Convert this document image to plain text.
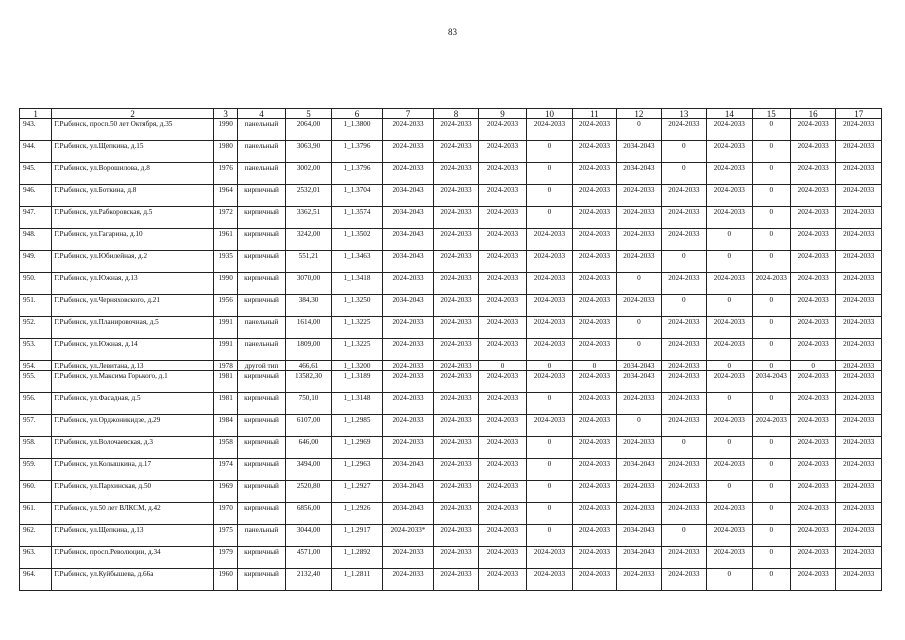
83
1	2	3	4	5	6	7	8	9	10	11	12	13	14	15	16	17
943.	Г.Рыбинск, просп.50 лет Октября, д.35	1990	панельный	2064,00	1_1.3800	2024-2033	2024-2033	2024-2033	2024-2033	2024-2033	0	2024-2033	2024-2033	0	2024-2033	2024-2033
944.	Г.Рыбинск, ул.Щепкина, д.15	1980	панельный	3063,90	1_1.3796	2024-2033	2024-2033	2024-2033	0	2024-2033	2034-2043	0	2024-2033	0	2024-2033	2024-2033
945.	Г.Рыбинск, ул.Ворошилова, д.8	1976	панельный	3002,00	1_1.3796	2024-2033	2024-2033	2024-2033	0	2024-2033	2034-2043	0	2024-2033	0	2024-2033	2024-2033
946.	Г.Рыбинск, ул.Боткина, д.8	1964	кирпичный	2532,01	1_1.3704	2034-2043	2024-2033	2024-2033	0	2024-2033	2024-2033	2024-2033	2024-2033	0	2024-2033	2024-2033
947.	Г.Рыбинск, ул.Рабкоровская, д.5	1972	кирпичный	3362,51	1_1.3574	2034-2043	2024-2033	2024-2033	0	2024-2033	2024-2033	2024-2033	2024-2033	0	2024-2033	2024-2033
948.	Г.Рыбинск, ул.Гагарина, д.10	1961	кирпичный	3242,00	1_1.3502	2034-2043	2024-2033	2024-2033	2024-2033	2024-2033	2024-2033	2024-2033	0	0	2024-2033	2024-2033
949.	Г.Рыбинск, ул.Юбилейная, д.2	1935	кирпичный	551,21	1_1.3463	2034-2043	2024-2033	2024-2033	2024-2033	2024-2033	2024-2033	0	0	0	2024-2033	2024-2033
950.	Г.Рыбинск, ул.Южная, д.13	1990	кирпичный	3070,00	1_1.3418	2024-2033	2024-2033	2024-2033	2024-2033	2024-2033	0	2024-2033	2024-2033	2024-2033	2024-2033	2024-2033
951.	Г.Рыбинск, ул.Черняховского, д.21	1956	кирпичный	384,30	1_1.3250	2034-2043	2024-2033	2024-2033	2024-2033	2024-2033	2024-2033	0	0	0	2024-2033	2024-2033
952.	Г.Рыбинск, ул.Планировочная, д.5	1991	панельный	1614,00	1_1.3225	2024-2033	2024-2033	2024-2033	2024-2033	2024-2033	0	2024-2033	2024-2033	0	2024-2033	2024-2033
953.	Г.Рыбинск, ул.Южная, д.14	1991	панельный	1809,00	1_1.3225	2024-2033	2024-2033	2024-2033	2024-2033	2024-2033	0	2024-2033	2024-2033	0	2024-2033	2024-2033
954.	Г.Рыбинск, ул.Левитана, д.13	1978	другой тип	466,61	1_1.3200	2024-2033	2024-2033	0	0	0	2034-2043	2024-2033	0	0	0	2024-2033
955.	Г.Рыбинск, ул.Максима Горького, д.1	1981	кирпичный	13582,30	1_1.3189	2024-2033	2024-2033	2024-2033	2024-2033	2024-2033	2034-2043	2024-2033	2024-2033	2034-2043	2024-2033	2024-2033
956.	Г.Рыбинск, ул.Фасадная, д.5	1981	кирпичный	750,10	1_1.3148	2024-2033	2024-2033	2024-2033	0	2024-2033	2024-2033	2024-2033	0	0	2024-2033	2024-2033
957.	Г.Рыбинск, ул.Орджоникидзе, д.29	1984	кирпичный	6107,00	1_1.2985	2024-2033	2024-2033	2024-2033	2024-2033	2024-2033	0	2024-2033	2024-2033	2024-2033	2024-2033	2024-2033
958.	Г.Рыбинск, ул.Волочаевская, д.3	1958	кирпичный	646,00	1_1.2969	2024-2033	2024-2033	2024-2033	0	2024-2033	2024-2033	0	0	0	2024-2033	2024-2033
959.	Г.Рыбинск, ул.Колышкина, д.17	1974	кирпичный	3494,00	1_1.2963	2034-2043	2024-2033	2024-2033	0	2024-2033	2034-2043	2024-2033	2024-2033	0	2024-2033	2024-2033
960.	Г.Рыбинск, ул.Пархинская, д.50	1969	кирпичный	2520,80	1_1.2927	2034-2043	2024-2033	2024-2033	0	2024-2033	2024-2033	2024-2033	0	0	2024-2033	2024-2033
961.	Г.Рыбинск, ул.50 лет ВЛКСМ, д.42	1970	кирпичный	6856,00	1_1.2926	2034-2043	2024-2033	2024-2033	0	2024-2033	2024-2033	2024-2033	2024-2033	0	2024-2033	2024-2033
962.	Г.Рыбинск, ул.Щепкина, д.13	1975	панельный	3044,00	1_1.2917	2024-2033*	2024-2033	2024-2033	0	2024-2033	2034-2043	0	2024-2033	0	2024-2033	2024-2033
963.	Г.Рыбинск, просп.Революции, д.34	1979	кирпичный	4571,00	1_1.2892	2024-2033	2024-2033	2024-2033	2024-2033	2024-2033	2034-2043	2024-2033	2024-2033	0	2024-2033	2024-2033
964.	Г.Рыбинск, ул.Куйбышева, д.66а	1960	кирпичный	2132,40	1_1.2811	2024-2033	2024-2033	2024-2033	2024-2033	2024-2033	2024-2033	2024-2033	0	0	2024-2033	2024-2033
